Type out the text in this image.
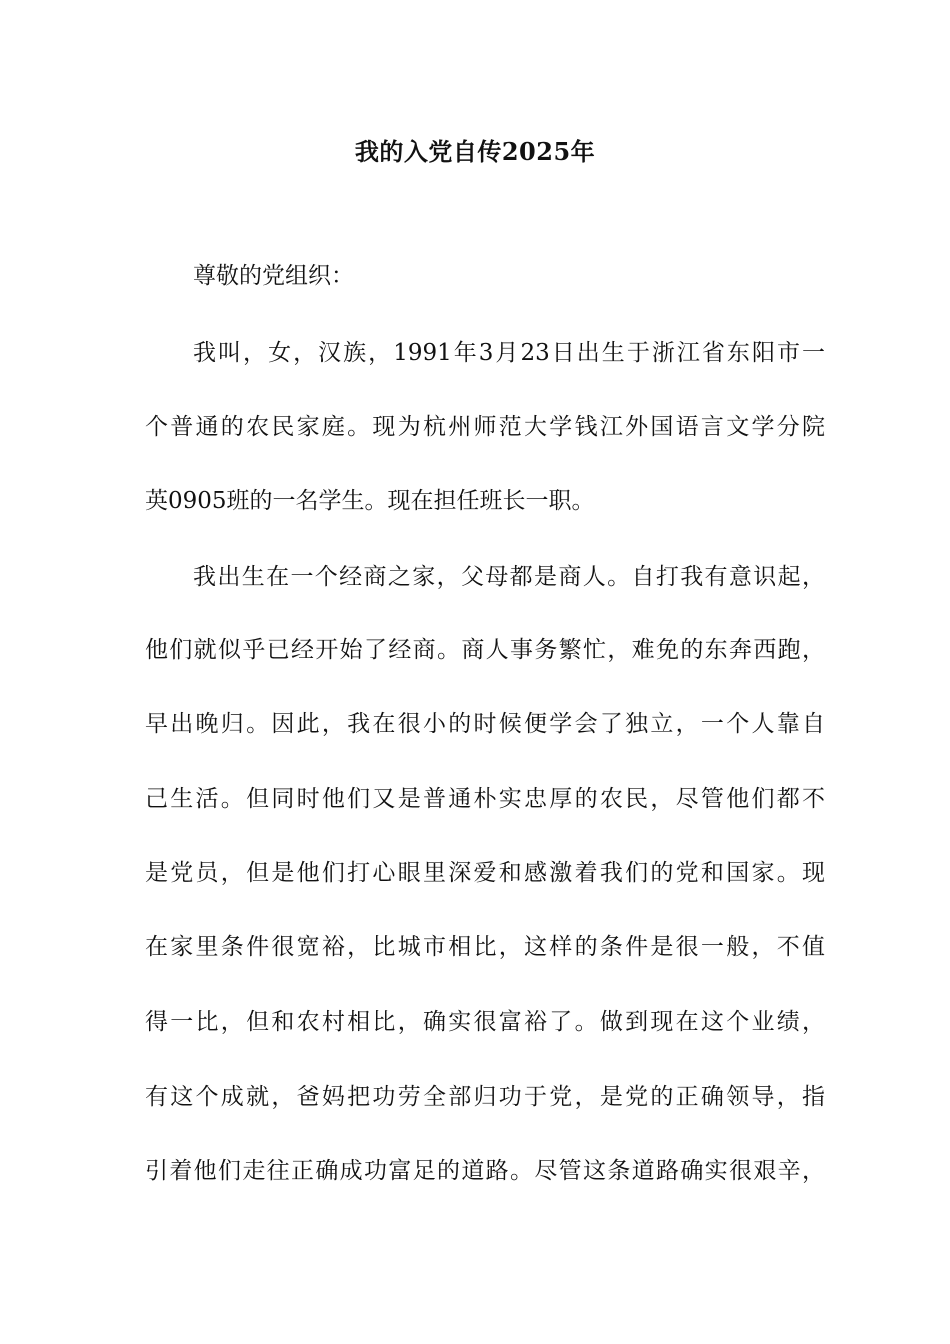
我的入党自传2025年
尊敬的党组织：
我叫，女，汉族，1991年3月23日出生于浙江省东阳市一
个普通的农民家庭。现为杭州师范大学钱江外国语言文学分院
英0905班的一名学生。现在担任班长一职。
我出生在一个经商之家，父母都是商人。自打我有意识起，
他们就似乎已经开始了经商。商人事务繁忙，难免的东奔西跑，
早出晚归。因此，我在很小的时候便学会了独立，一个人靠自
己生活。但同时他们又是普通朴实忠厚的农民，尽管他们都不
是党员，但是他们打心眼里深爱和感激着我们的党和国家。现
在家里条件很宽裕，比城市相比，这样的条件是很一般，不值
得一比，但和农村相比，确实很富裕了。做到现在这个业绩，
有这个成就，爸妈把功劳全部归功于党，是党的正确领导，指
引着他们走往正确成功富足的道路。尽管这条道路确实很艰辛，
